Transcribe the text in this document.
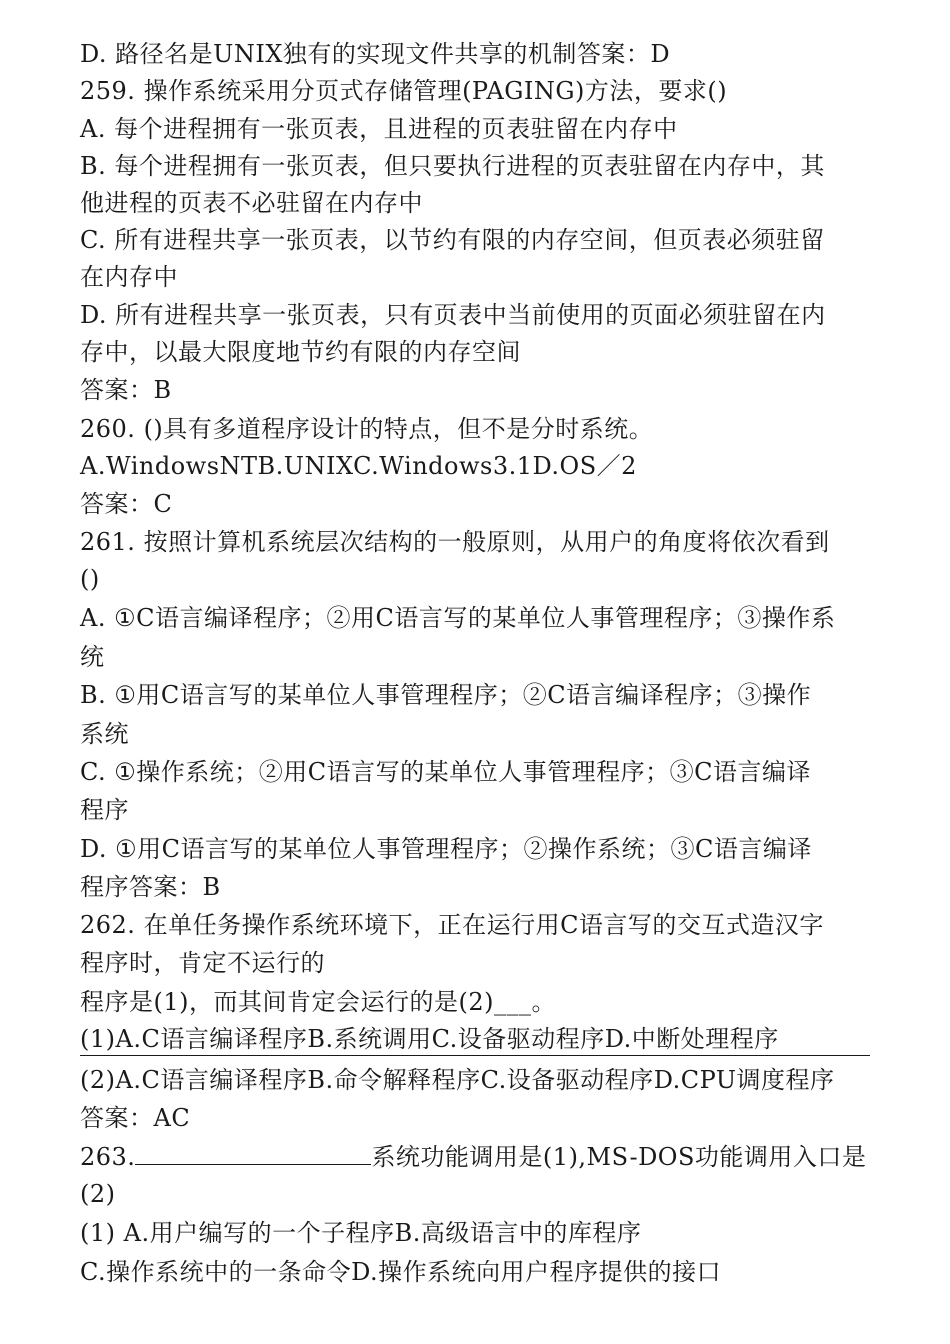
D. 路径名是UNIX独有的实现文件共享的机制答案：D
259. 操作系统采用分页式存储管理(PAGING)方法，要求()
A. 每个进程拥有一张页表，且进程的页表驻留在内存中
B. 每个进程拥有一张页表，但只要执行进程的页表驻留在内存中，其
他进程的页表不必驻留在内存中
C. 所有进程共享一张页表，以节约有限的内存空间，但页表必须驻留
在内存中
D. 所有进程共享一张页表，只有页表中当前使用的页面必须驻留在内
存中，以最大限度地节约有限的内存空间
答案：B
260. ()具有多道程序设计的特点，但不是分时系统。
A.WindowsNTB.UNIXC.Windows3.1D.OS／2
答案：C
261. 按照计算机系统层次结构的一般原则，从用户的角度将依次看到
()
A. ①C语言编译程序；②用C语言写的某单位人事管理程序；③操作系
统
B. ①用C语言写的某单位人事管理程序；②C语言编译程序；③操作
系统
C. ①操作系统；②用C语言写的某单位人事管理程序；③C语言编译
程序
D. ①用C语言写的某单位人事管理程序；②操作系统；③C语言编译
程序答案：B
262. 在单任务操作系统环境下，正在运行用C语言写的交互式造汉字
程序时，肯定不运行的
程序是(1)，而其间肯定会运行的是(2)___。
(1)A.C语言编译程序B.系统调用C.设备驱动程序D.中断处理程序
(2)A.C语言编译程序B.命令解释程序C.设备驱动程序D.CPU调度程序
答案：AC
263.	系统功能调用是(1),MS-DOS功能调用入口是
(2)
(1) A.用户编写的一个子程序B.高级语言中的库程序
C.操作系统中的一条命令D.操作系统向用户程序提供的接口
